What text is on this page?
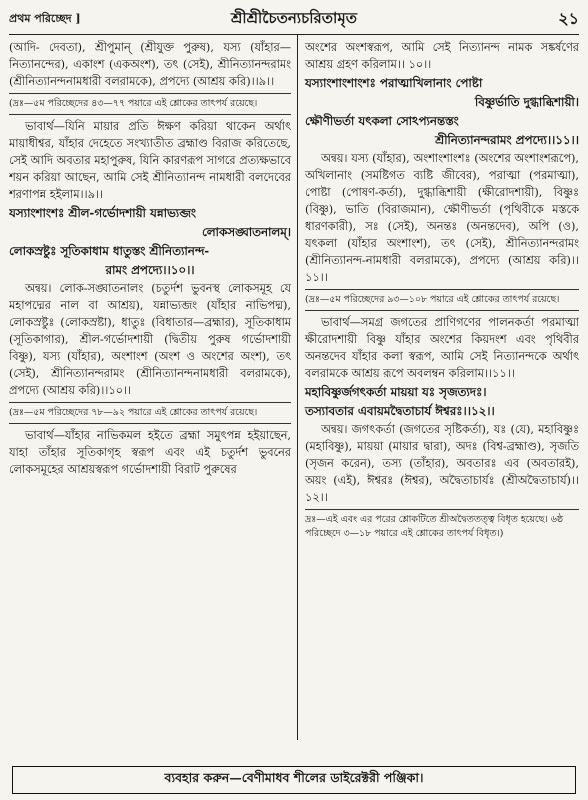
প্রথম পরিচ্ছেদ ]	শ্রীশ্রীচৈতন্যচরিতামৃত	২১

(আদি- দেবতা), শ্রীপুমান্ (শ্রীযুক্ত পুরুষ), যস্য (যাঁহার—নিত্যানন্দের), একাংশ (একঅংশ), তৎ (সেই), শ্রীনিত্যানন্দরামং (শ্রীনিত্যানন্দনামধারী বলরামকে), প্রপদ্যে (আশ্রয় করি)।।৯।।

(দ্রঃ—৫ম পরিচ্ছেদের ৪৩—৭৭ পয়ারে এই শ্লোকের তাৎপর্য রয়েছে।

ভাবার্থ—যিনি মায়ার প্রতি ঈক্ষণ করিয়া থাকেন অর্থাৎ মায়াধীশ্বর, যাঁহার দেহেতে সংখ্যাতীত ব্রহ্মাণ্ড বিরাজ করিতেছে, সেই আদি অবতার মহাপুরুষ, যিনি কারণরূপ সাগরে প্রত্যক্ষভাবে শয়ন করিয়া আছেন, আমি সেই শ্রীনিত্যানন্দ নামধারী বলদেবের শরণাপন্ন হইলাম।।৯।।

যস্যাংশাংশঃ শ্রীল-গর্ভোদশায়ী যন্নাভ্যব্জং

লোকসঙ্ঘাতনালম্।

লোকস্রষ্টুঃ সূতিকাধাম ধাতুস্তং শ্রীনিত্যানন্দ-

রামং প্রপদ্যে।।১০।।

অন্বয়। লোক-সঙ্ঘাতনালং (চতুর্দশ ভুবনস্থ লোকসমূহ যে মহাপদ্মের নাল বা আশ্রয়), যন্নাভ্যব্জং (যাঁহার নাভিপদ্ম), লোকস্রষ্টুঃ (লোকস্রষ্টা), ধাতুঃ (বিধাতার—ব্রহ্মার), সূতিকাধাম (সূতিকাগার), শ্রীল-গর্ভোদশায়ী (দ্বিতীয় পুরুষ গর্ভোদশায়ী বিষ্ণু), যস্য (যাঁহার), অংশাংশ (অংশ ও অংশের অংশ), তৎ (সেই), শ্রীনিত্যানন্দরামং (শ্রীনিত্যানন্দনামধারী বলরামকে), প্রপদ্যে (আশ্রয় করি)।।১০।।

(দ্রঃ—৫ম পরিচ্ছেদের ৭৮—৯২ পয়ারে এই শ্লোকের তাৎপর্য রয়েছে।

ভাবার্থ—যাঁহার নাভিকমল হইতে ব্রহ্মা সমুৎপন্ন হইয়াছেন, যাহা তাঁহার সূতিকাগৃহ স্বরূপ এবং এই চতুর্দশ ভুবনের লোকসমূহের আশ্রয়স্বরূপ গর্ভোদশায়ী বিরাট পুরুষের

অংশের অংশস্বরূপ, আমি সেই নিত্যানন্দ নামক সঙ্কর্ষণের আশ্রয় গ্রহণ করিলাম।। ১০।।

যস্যাংশাংশাংশঃ পরাত্মাখিলানাং পোষ্টা

বিষ্ণুর্ভাতি দুগ্ধাব্ধিশায়ী।

ক্ষৌণীভর্তা যৎকলা সোঽপ্যনন্তস্তং

শ্রীনিত্যানন্দরামং প্রপদ্যে।।১১।।

অন্বয়। যস্য (যাঁহার), অংশাংশাংশঃ (অংশের অংশাংশরূপে), অখিলানাং (সমষ্টিগত ব্যষ্টি জীবের), পরাত্মা (পরমাত্মা), পোষ্টা (পোষণ-কর্তা), দুগ্ধাব্ধিশায়ী (ক্ষীরোদশায়ী), বিষ্ণুঃ (বিষ্ণু), ভাতি (বিরাজমান), ক্ষৌণীভর্তা (পৃথিবীকে মস্তকে ধারণকারী), সঃ (সেই), অনন্তঃ (অনন্তদেব), অপি (ও), যৎকলা (যাঁহার অংশাংশ), তৎ (সেই), শ্রীনিত্যানন্দরামং (শ্রীনিত্যানন্দ-নামধারী বলরামকে), প্রপদ্যে (আশ্রয় করি)।।১১।।

(দ্রঃ—৫ম পরিচ্ছেদের ৯৩—১০৮ পয়ারে এই শ্লোকের তাৎপর্য রয়েছে।

ভাবার্থ—সমগ্র জগতের প্রাণিগণের পালনকর্তা পরমাত্মা ক্ষীরোদশায়ী বিষ্ণু যাঁহার অংশের কিয়দংশ এবং পৃথিবীর অনন্তদেব যাঁহার কলা স্বরূপ, আমি সেই নিত্যানন্দকে অর্থাৎ বলরামকে আশ্রয় রূপে অবলম্বন করিলাম।।১১।।

মহাবিষ্ণুর্জগৎকর্তা মায়য়া যঃ সৃজত্যদঃ।

তস্যাবতার এবায়মদ্বৈতাচার্য ঈশ্বরঃ।।১২।।

অন্বয়। জগৎকর্তা (জগতের সৃষ্টিকর্তা), যঃ (যে), মহাবিষ্ণুঃ (মহাবিষ্ণু), মায়য়া (মায়ার দ্বারা), অদঃ (বিশ্ব-ব্রহ্মাণ্ড), সৃজতি (সৃজন করেন), তস্য (তাঁহার), অবতারঃ এব (অবতারই), অয়ং (এই), ঈশ্বরঃ (ঈশ্বর), অদ্বৈতাচার্যঃ (শ্রীঅদ্বৈতাচার্য)।।১২।।

দ্রঃ—এই এবং এর পরের শ্লোকটিতে শ্রীঅদ্বৈততত্ত্ব বিধৃত হয়েছে। ৬ষ্ঠ পরিচ্ছেদে ৩—১৮ পয়ারে এই শ্লোকের তাৎপর্য বিধৃত।)

ব্যবহার করুন—বেণীমাধব শীলের ডাইরেক্টরী পঞ্জিকা।
